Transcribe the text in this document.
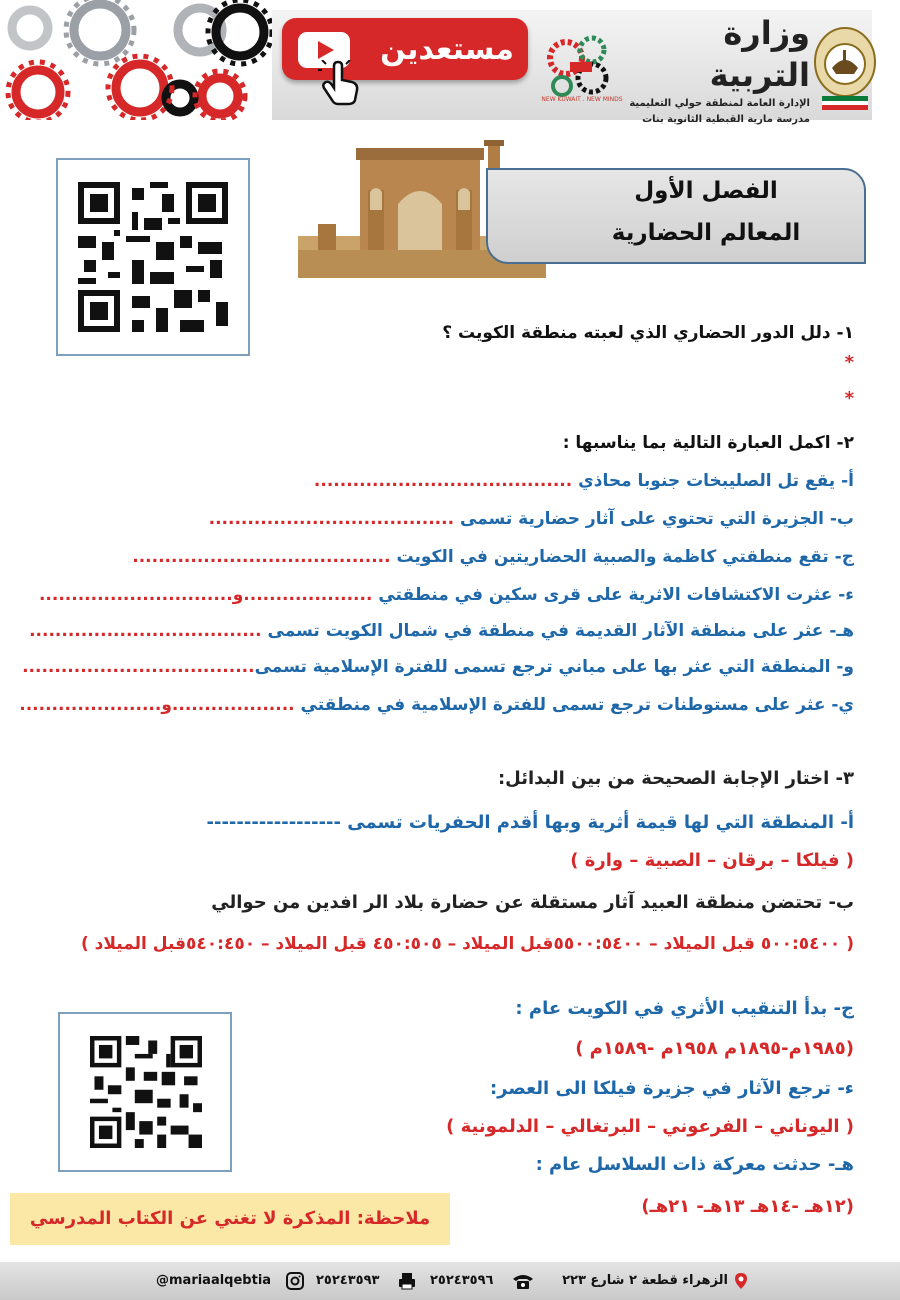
مستعدين
NEW KUWAIT . NEW MINDS
وزارة التربية
الإدارة العامة لمنطقة حولي التعليمية
مدرسة مارية القبطية الثانوية بنات
الفصل الأول
المعالم الحضارية
١- دلل الدور الحضاري الذي لعبته منطقة الكويت ؟
*
*
٢- اكمل العبارة التالية بما يناسبها :
أ- يقع تل الصليبخات جنوبا محاذي ........................................
ب- الجزيرة التي تحتوي على آثار حضارية تسمى ......................................
ج- تقع منطقتي كاظمة والصبية الحضاريتين في الكويت ........................................
ء- عثرت الاكتشافات الاثرية على قرى سكين في منطقتي ....................و..............................
هـ- عثر على منطقة الآثار القديمة في منطقة في شمال الكويت تسمى ....................................
و- المنطقة التي عثر بها على مباني ترجع تسمى للفترة الإسلامية تسمى....................................
ي- عثر على مستوطنات ترجع تسمى للفترة الإسلامية في منطقتي ...................و......................
٣- اختار الإجابة الصحيحة من بين البدائل:
أ- المنطقة التي لها قيمة أثرية وبها أقدم الحفريات تسمى ------------------
( فيلكا – برقان – الصبية – وارة )
ب- تحتضن منطقة العبيد آثار مستقلة عن حضارة بلاد الر افدين من حوالي
( ٥٠٠:٥٤٠٠ قبل الميلاد – ٥٥٠٠:٥٤٠٠قبل الميلاد – ٤٥٠:٥٠٥ قبل الميلاد – ٥٤٠:٤٥٠قبل الميلاد )
ج- بدأ التنقيب الأثري في الكويت عام :
(١٩٨٥م-١٨٩٥م ١٩٥٨م -١٥٨٩م )
ء- ترجع الآثار في جزيرة فيلكا الى العصر:
( اليوناني – الفرعوني – البرتغالي – الدلمونية )
هـ- حدثت معركة ذات السلاسل عام :
(١٢هـ -١٤هـ ١٣هـ- ٢١هـ)
ملاحظة: المذكرة لا تغني عن الكتاب المدرسي
الزهراء قطعة ٢ شارع ٢٢٣
٢٥٢٤٣٥٩٦
٢٥٢٤٣٥٩٣
@mariaalqebtia
